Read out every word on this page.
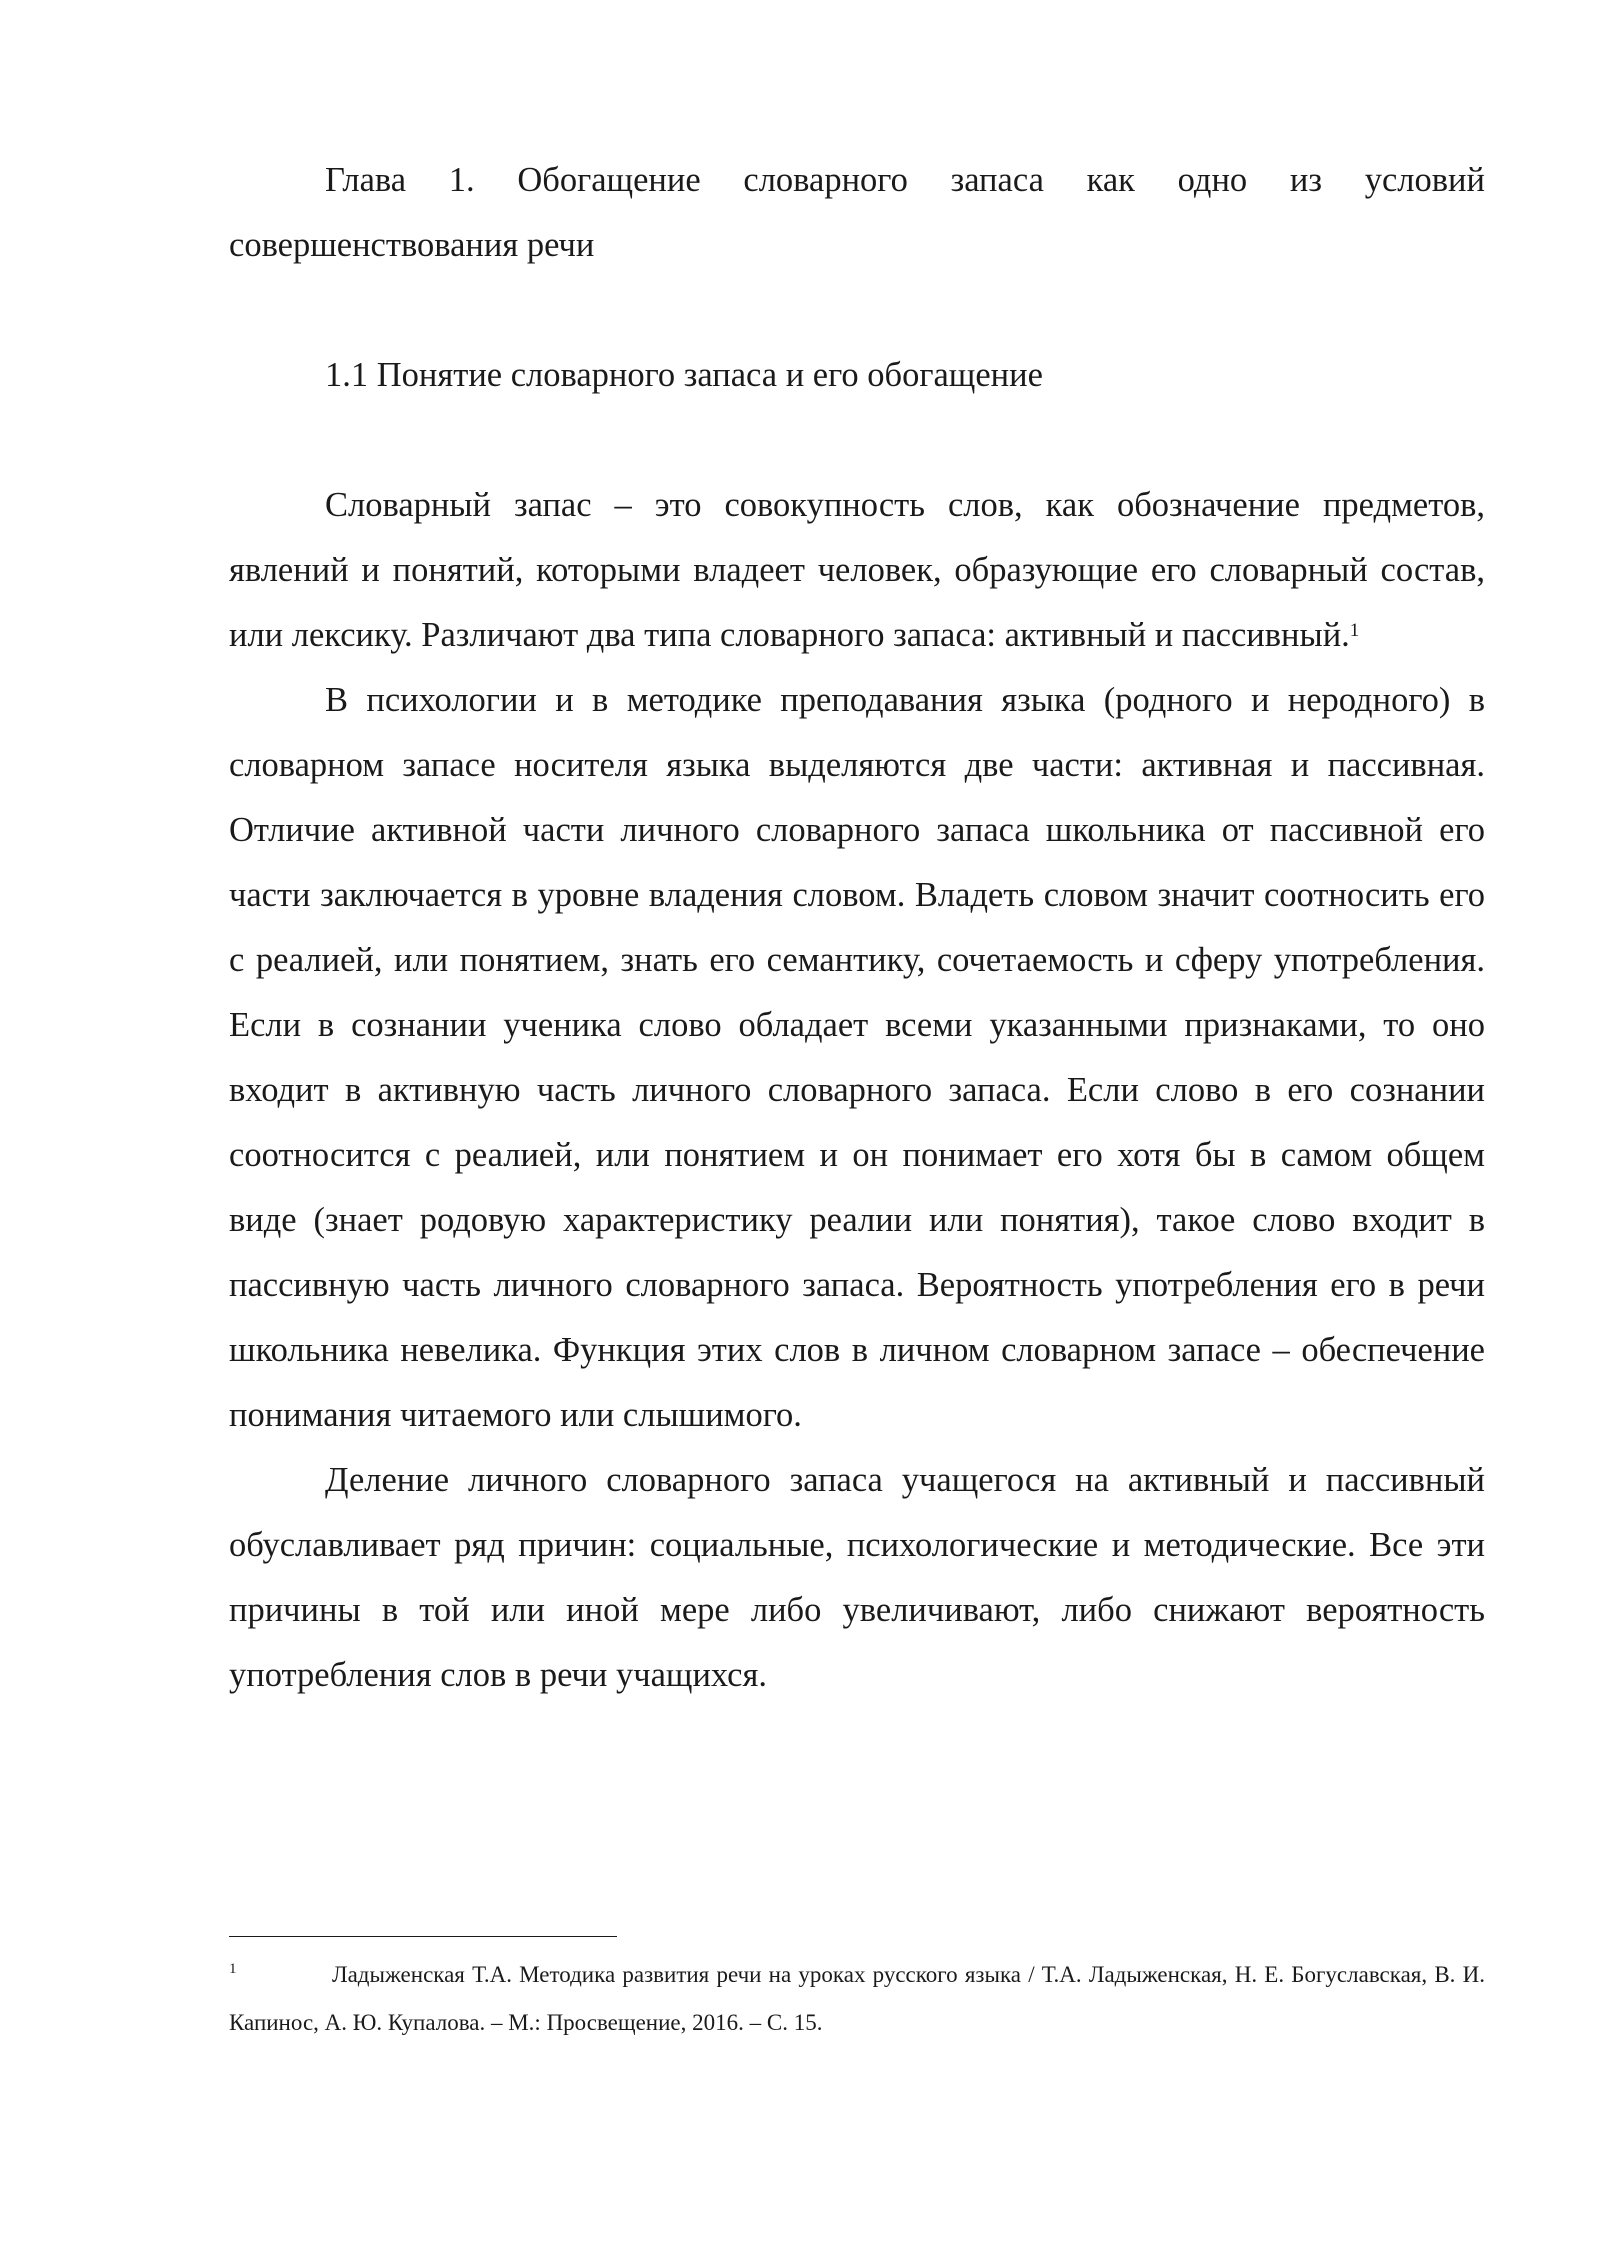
Глава 1. Обогащение словарного запаса как одно из условий совершенствования речи

1.1 Понятие словарного запаса и его обогащение

Словарный запас – это совокупность слов, как обозначение предметов, явлений и понятий, которыми владеет человек, образующие его словарный состав, или лексику. Различают два типа словарного запаса: активный и пассивный.$^1$

В психологии и в методике преподавания языка (родного и неродного) в словарном запасе носителя языка выделяются две части: активная и пассивная. Отличие активной части личного словарного запаса школьника от пассивной его части заключается в уровне владения словом. Владеть словом значит соотносить его с реалией, или понятием, знать его семантику, сочетаемость и сферу употребления. Если в сознании ученика слово обладает всеми указанными признаками, то оно входит в активную часть личного словарного запаса. Если слово в его сознании соотносится с реалией, или понятием и он понимает его хотя бы в самом общем виде (знает родовую характеристику реалии или понятия), такое слово входит в пассивную часть личного словарного запаса. Вероятность употребления его в речи школьника невелика. Функция этих слов в личном словарном запасе – обеспечение понимания читаемого или слышимого.

Деление личного словарного запаса учащегося на активный и пассивный обуславливает ряд причин: социальные, психологические и методические. Все эти причины в той или иной мере либо увеличивают, либо снижают вероятность употребления слов в речи учащихся.

1	Ладыженская Т.А. Методика развития речи на уроках русского языка / Т.А. Ладыженская, Н. Е. Богуславская, В. И. Капинос, А. Ю. Купалова. – М.: Просвещение, 2016. – С. 15.
